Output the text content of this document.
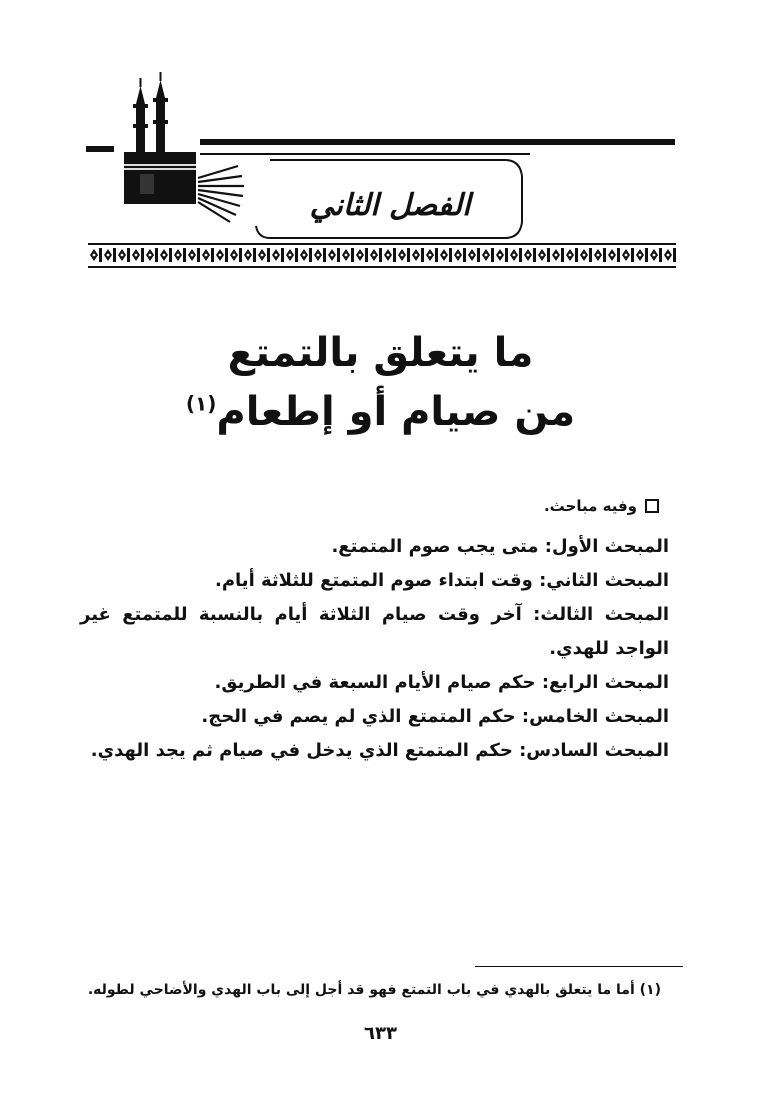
الفصل الثاني
ما يتعلق بالتمتع
من صيام أو إطعام$^{(١)}$
وفيه مباحث.

المبحث الأول: متى يجب صوم المتمتع.

المبحث الثاني: وقت ابتداء صوم المتمتع للثلاثة أيام.

المبحث الثالث: آخر وقت صيام الثلاثة أيام بالنسبة للمتمتع غير الواجد للهدي.

المبحث الرابع: حكم صيام الأيام السبعة في الطريق.

المبحث الخامس: حكم المتمتع الذي لم يصم في الحج.

المبحث السادس: حكم المتمتع الذي يدخل في صيام ثم يجد الهدي.

(١) أما ما يتعلق بالهدي في باب التمتع فهو قد أجل إلى باب الهدي والأضاحي لطوله.
٦٣٣
